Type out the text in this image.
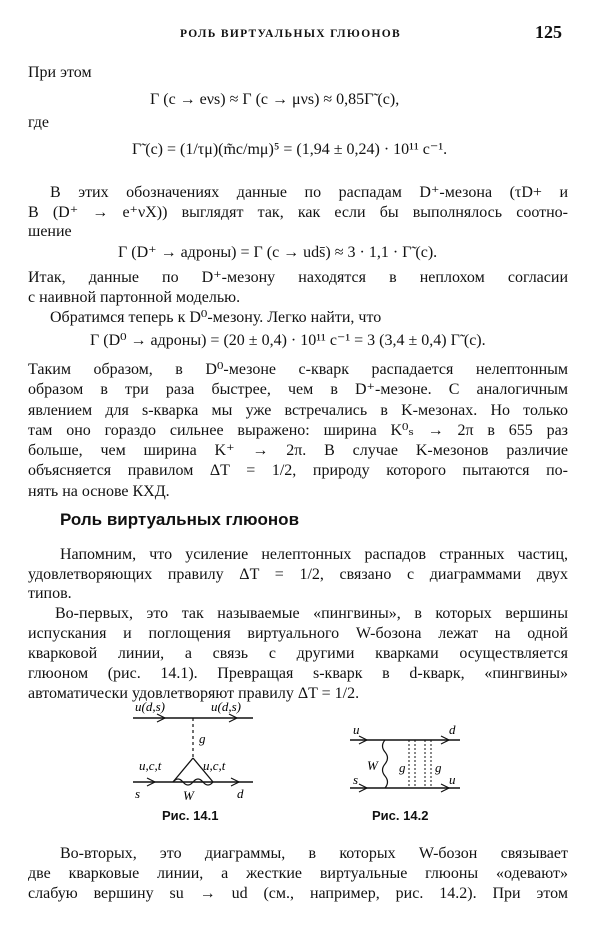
РОЛЬ ВИРТУАЛЬНЫХ ГЛЮОНОВ	125
При этом
Γ (c → eνs) ≈ Γ (c → μνs) ≈ 0,85Γ̃ (c),
где
Γ̃ (c) = (1/τμ)(m̃c/mμ)⁵ = (1,94 ± 0,24) · 10¹¹ с⁻¹.
В этих обозначениях данные по распадам D⁺-мезона (τD+ и
B (D⁺ → e⁺νX)) выглядят так, как если бы выполнялось соотно-
шение
Γ (D⁺ → адроны) = Γ (c → uds̄) ≈ 3 · 1,1 · Γ̃ (c).
Итак, данные по D⁺-мезону находятся в неплохом согласии
с наивной партонной моделью.
Обратимся теперь к D⁰-мезону. Легко найти, что
Γ (D⁰ → адроны) = (20 ± 0,4) · 10¹¹ с⁻¹ = 3 (3,4 ± 0,4) Γ̃ (c).
Таким образом, в D⁰-мезоне c-кварк распадается нелептонным
образом в три раза быстрее, чем в D⁺-мезоне. С аналогичным
явлением для s-кварка мы уже встречались в K-мезонах. Но только
там оно гораздо сильнее выражено: ширина K⁰ₛ → 2π в 655 раз
больше, чем ширина K⁺ → 2π. В случае K-мезонов различие
объясняется правилом ΔT = 1/2, природу которого пытаются по-
нять на основе КХД.
Роль виртуальных глюонов
Напомним, что усиление нелептонных распадов странных частиц,
удовлетворяющих правилу ΔT = 1/2, связано с диаграммами двух
типов.
Во-первых, это так называемые «пингвины», в которых вершины
испускания и поглощения виртуального W-бозона лежат на одной
кварковой линии, а связь с другими кварками осуществляется
глюоном (рис. 14.1). Превращая s-кварк в d-кварк, «пингвины»
автоматически удовлетворяют правилу ΔT = 1/2.
u(d,s)	u(d,s)
g
u,c,t	u,c,t
s	W	d
Рис. 14.1
u	d
W g g
s	u
Рис. 14.2
Во-вторых, это диаграммы, в которых W-бозон связывает
две кварковые линии, а жесткие виртуальные глюоны «одевают»
слабую вершину su → ud (см., например, рис. 14.2). При этом
